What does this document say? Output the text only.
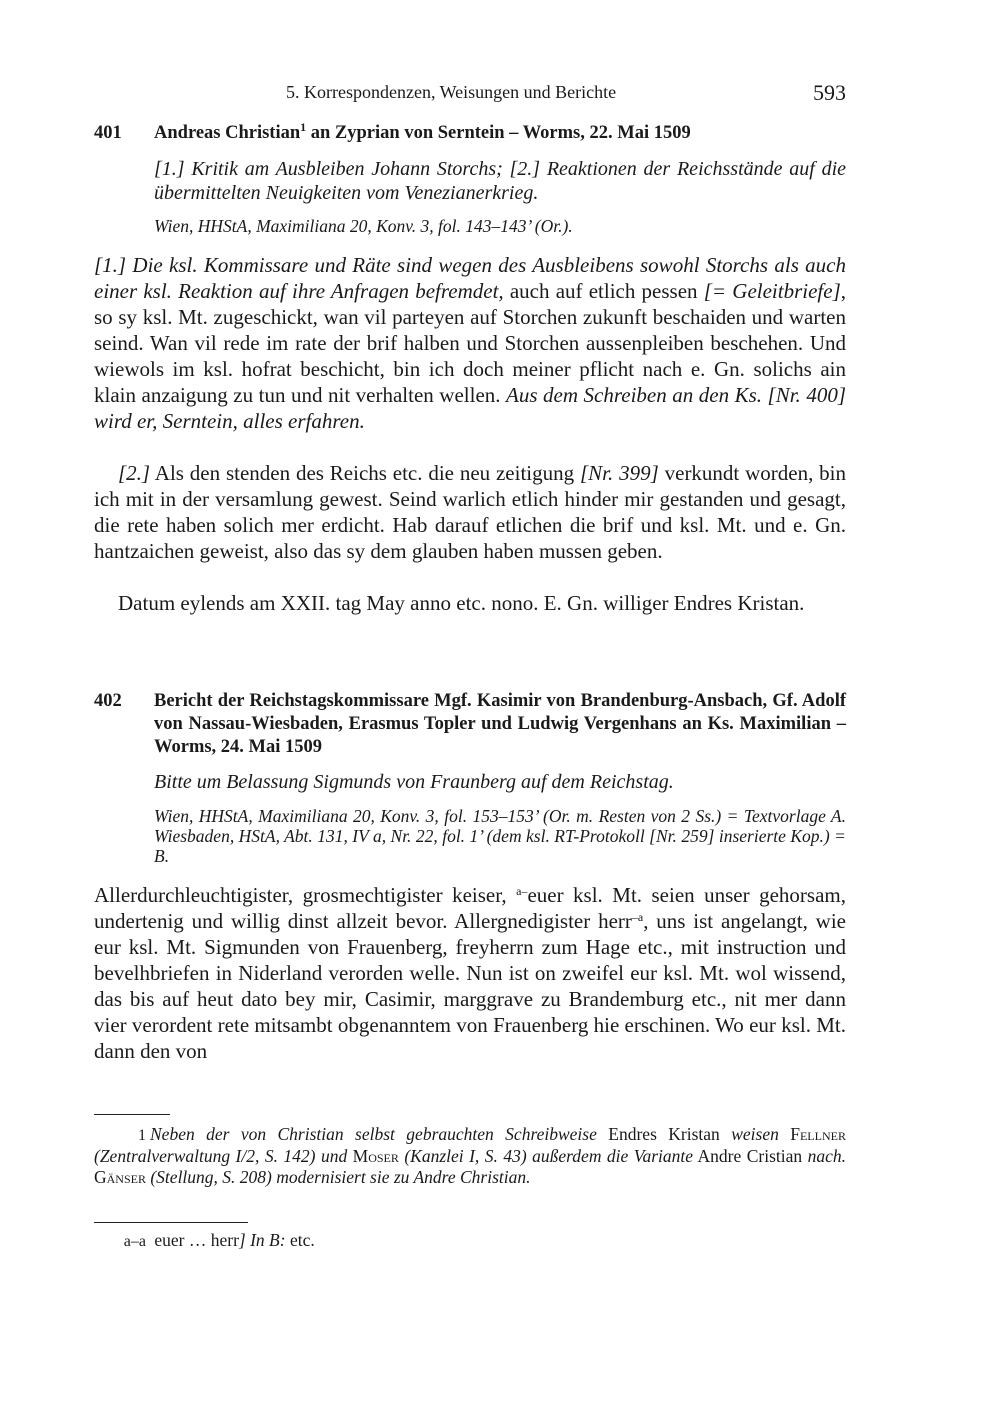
5. Korrespondenzen, Weisungen und Berichte	593
401 Andreas Christian$^1$ an Zyprian von Serntein – Worms, 22. Mai 1509
[1.] Kritik am Ausbleiben Johann Storchs; [2.] Reaktionen der Reichsstände auf die übermittelten Neuigkeiten vom Venezianerkrieg.
Wien, HHStA, Maximiliana 20, Konv. 3, fol. 143–143’ (Or.).
[1.] Die ksl. Kommissare und Räte sind wegen des Ausbleibens sowohl Storchs als auch einer ksl. Reaktion auf ihre Anfragen befremdet, auch auf etlich pessen [= Geleitbriefe], so sy ksl. Mt. zugeschickt, wan vil parteyen auf Storchen zukunft beschaiden und warten seind. Wan vil rede im rate der brif halben und Storchen aussenpleiben beschehen. Und wiewols im ksl. hofrat beschicht, bin ich doch meiner pflicht nach e. Gn. solichs ain klain anzaigung zu tun und nit verhalten wellen. Aus dem Schreiben an den Ks. [Nr. 400] wird er, Serntein, alles erfahren.
[2.] Als den stenden des Reichs etc. die neu zeitigung [Nr. 399] verkundt worden, bin ich mit in der versamlung gewest. Seind warlich etlich hinder mir gestanden und gesagt, die rete haben solich mer erdicht. Hab darauf etlichen die brif und ksl. Mt. und e. Gn. hantzaichen geweist, also das sy dem glauben haben mussen geben.
Datum eylends am XXII. tag May anno etc. nono. E. Gn. williger Endres Kristan.
402 Bericht der Reichstagskommissare Mgf. Kasimir von Brandenburg-Ansbach, Gf. Adolf von Nassau-Wiesbaden, Erasmus Topler und Ludwig Vergenhans an Ks. Maximilian – Worms, 24. Mai 1509
Bitte um Belassung Sigmunds von Fraunberg auf dem Reichstag.
Wien, HHStA, Maximiliana 20, Konv. 3, fol. 153–153’ (Or. m. Resten von 2 Ss.) = Textvorlage A. Wiesbaden, HStA, Abt. 131, IV a, Nr. 22, fol. 1’ (dem ksl. RT-Protokoll [Nr. 259] inserierte Kop.) = B.
Allerdurchleuchtigister, grosmechtigister keiser, $^{a-}$euer ksl. Mt. seien unser gehorsam, undertenig und willig dinst allzeit bevor. Allergnedigister herr$^{-a}$, uns ist angelangt, wie eur ksl. Mt. Sigmunden von Frauenberg, freyherrn zum Hage etc., mit instruction und bevelhbriefen in Niderland verorden welle. Nun ist on zweifel eur ksl. Mt. wol wissend, das bis auf heut dato bey mir, Casimir, marggrave zu Brandemburg etc., nit mer dann vier verordent rete mitsambt obgenanntem von Frauenberg hie erschinen. Wo eur ksl. Mt. dann den von
1 Neben der von Christian selbst gebrauchten Schreibweise Endres Kristan weisen Fellner (Zentralverwaltung I/2, S. 142) und Moser (Kanzlei I, S. 43) außerdem die Variante Andre Cristian nach. Gänser (Stellung, S. 208) modernisiert sie zu Andre Christian.
a–a euer … herr] In B: etc.
